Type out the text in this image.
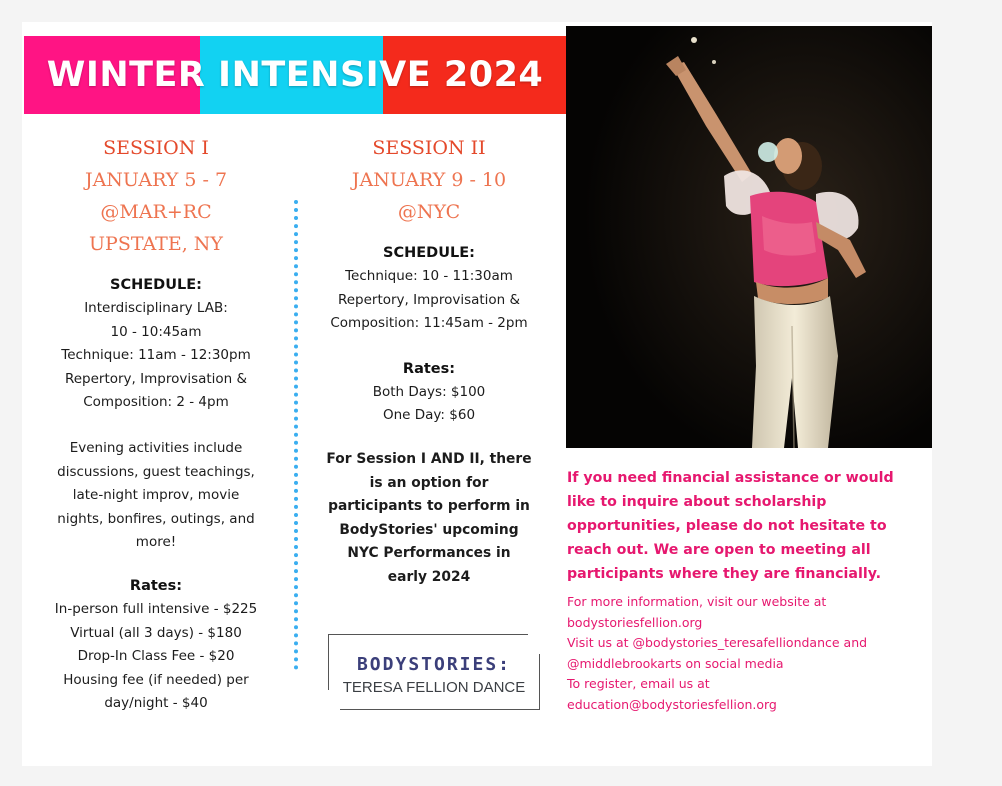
WINTER INTENSIVE 2024

SESSION I

JANUARY 5 - 7

@MAR+RC

UPSTATE, NY

SCHEDULE:

Interdisciplinary LAB:

10 - 10:45am

Technique: 11am - 12:30pm

Repertory, Improvisation &

Composition: 2 - 4pm

Evening activities include

discussions, guest teachings,

late-night improv, movie

nights, bonfires, outings, and

more!

Rates:

In-person full intensive - $225

Virtual (all 3 days) - $180

Drop-In Class Fee - $20

Housing fee (if needed) per

day/night - $40

SESSION II

JANUARY 9 - 10

@NYC

SCHEDULE:

Technique: 10 - 11:30am

Repertory, Improvisation &

Composition: 11:45am - 2pm

Rates:

Both Days: $100

One Day: $60

For Session I AND II, there

is an option for

participants to perform in

BodyStories' upcoming

NYC Performances in

early 2024

BODYSTORIES:
TERESA FELLION DANCE

If you need financial assistance or would

like to inquire about scholarship

opportunities, please do not hesitate to

reach out. We are open to meeting all

participants where they are financially.

For more information, visit our website at

bodystoriesfellion.org

Visit us at @bodystories_teresafelliondance and

@middlebrookarts on social media

To register, email us at

education@bodystoriesfellion.org
